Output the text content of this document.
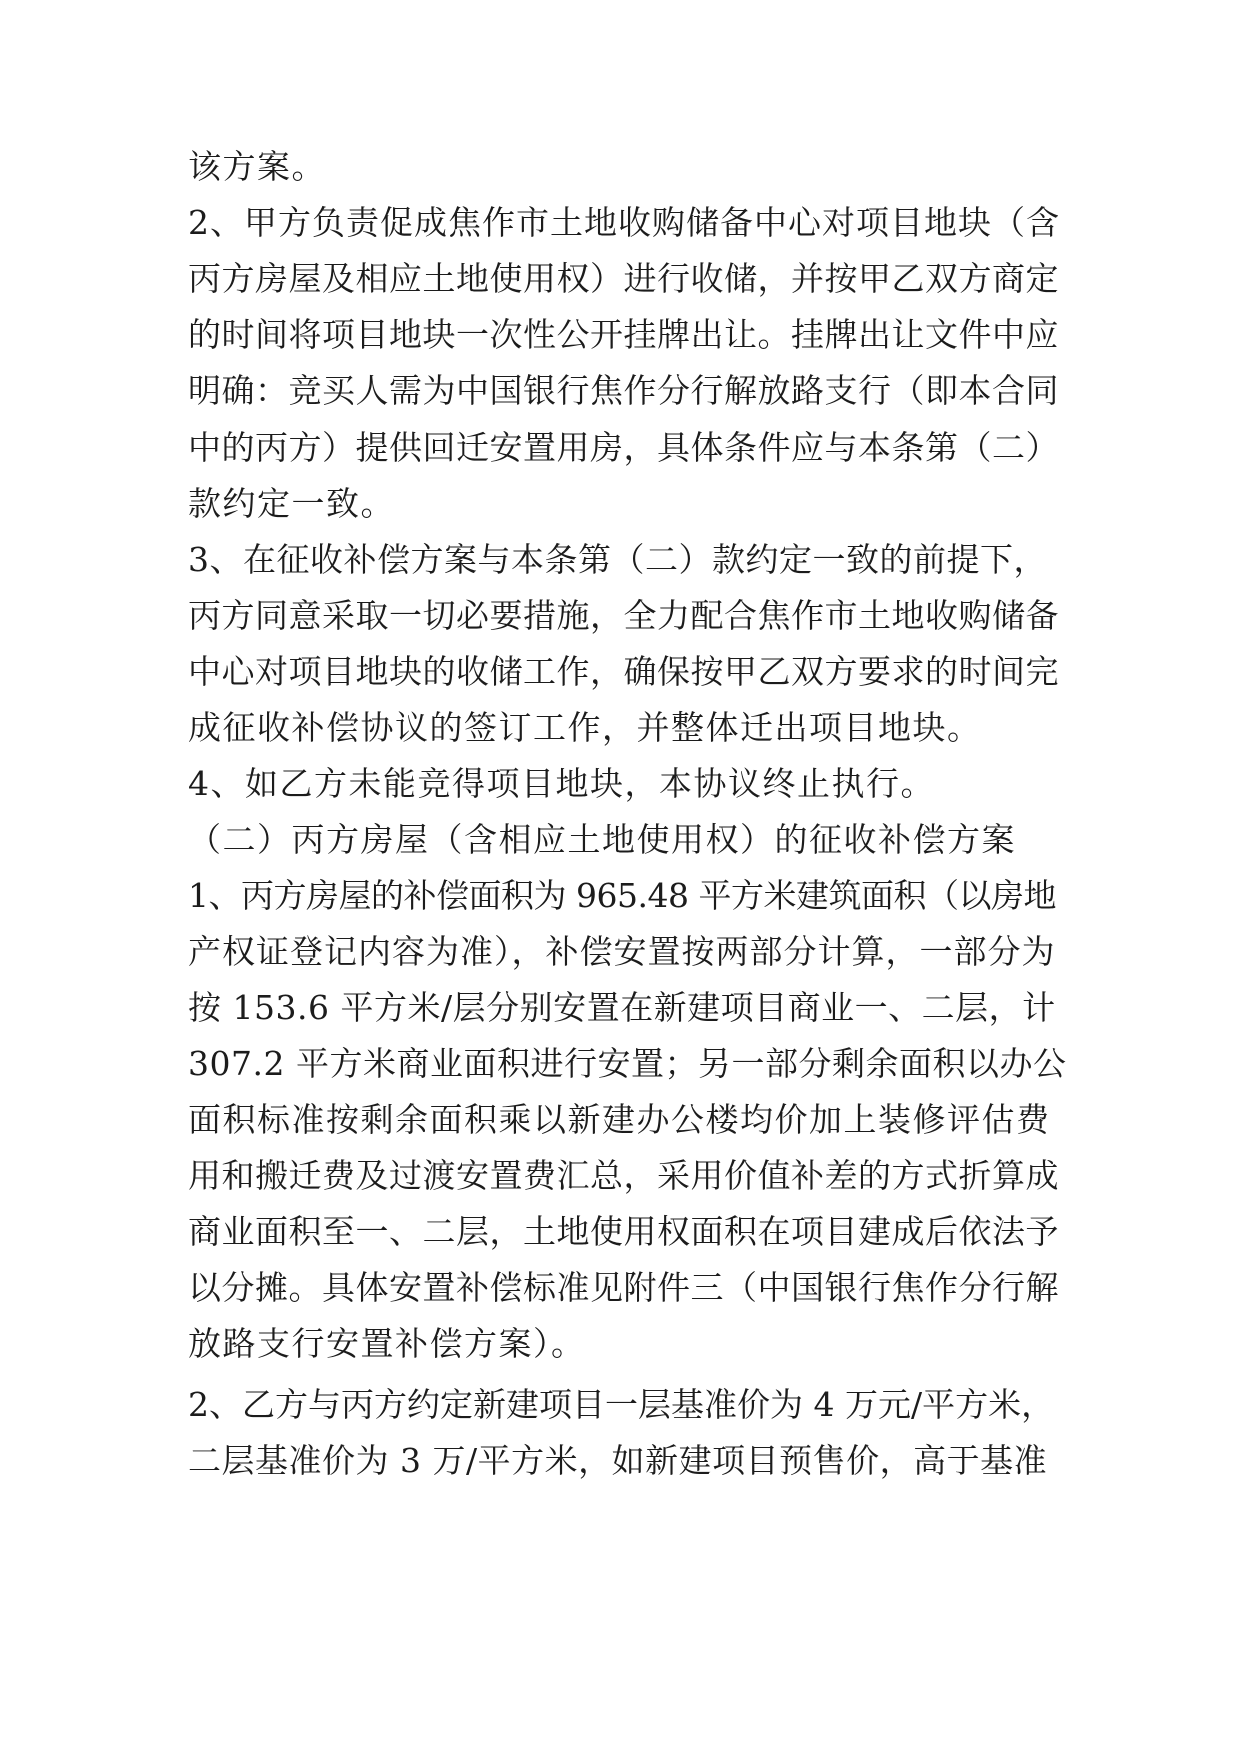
该方案。

2、甲方负责促成焦作市土地收购储备中心对项目地块（含

丙方房屋及相应土地使用权）进行收储，并按甲乙双方商定

的时间将项目地块一次性公开挂牌出让。挂牌出让文件中应

明确：竞买人需为中国银行焦作分行解放路支行（即本合同

中的丙方）提供回迁安置用房，具体条件应与本条第（二）

款约定一致。

3、在征收补偿方案与本条第（二）款约定一致的前提下，

丙方同意采取一切必要措施，全力配合焦作市土地收购储备

中心对项目地块的收储工作，确保按甲乙双方要求的时间完

成征收补偿协议的签订工作，并整体迁出项目地块。

4、如乙方未能竞得项目地块，本协议终止执行。

（二）丙方房屋（含相应土地使用权）的征收补偿方案

1、丙方房屋的补偿面积为 965.48 平方米建筑面积（以房地

产权证登记内容为准），补偿安置按两部分计算，一部分为

按 153.6 平方米/层分别安置在新建项目商业一、二层，计

307.2 平方米商业面积进行安置；另一部分剩余面积以办公

面积标准按剩余面积乘以新建办公楼均价加上装修评估费

用和搬迁费及过渡安置费汇总，采用价值补差的方式折算成

商业面积至一、二层，土地使用权面积在项目建成后依法予

以分摊。具体安置补偿标准见附件三（中国银行焦作分行解

放路支行安置补偿方案）。

2、乙方与丙方约定新建项目一层基准价为 4 万元/平方米，

二层基准价为 3 万/平方米，如新建项目预售价，高于基准
